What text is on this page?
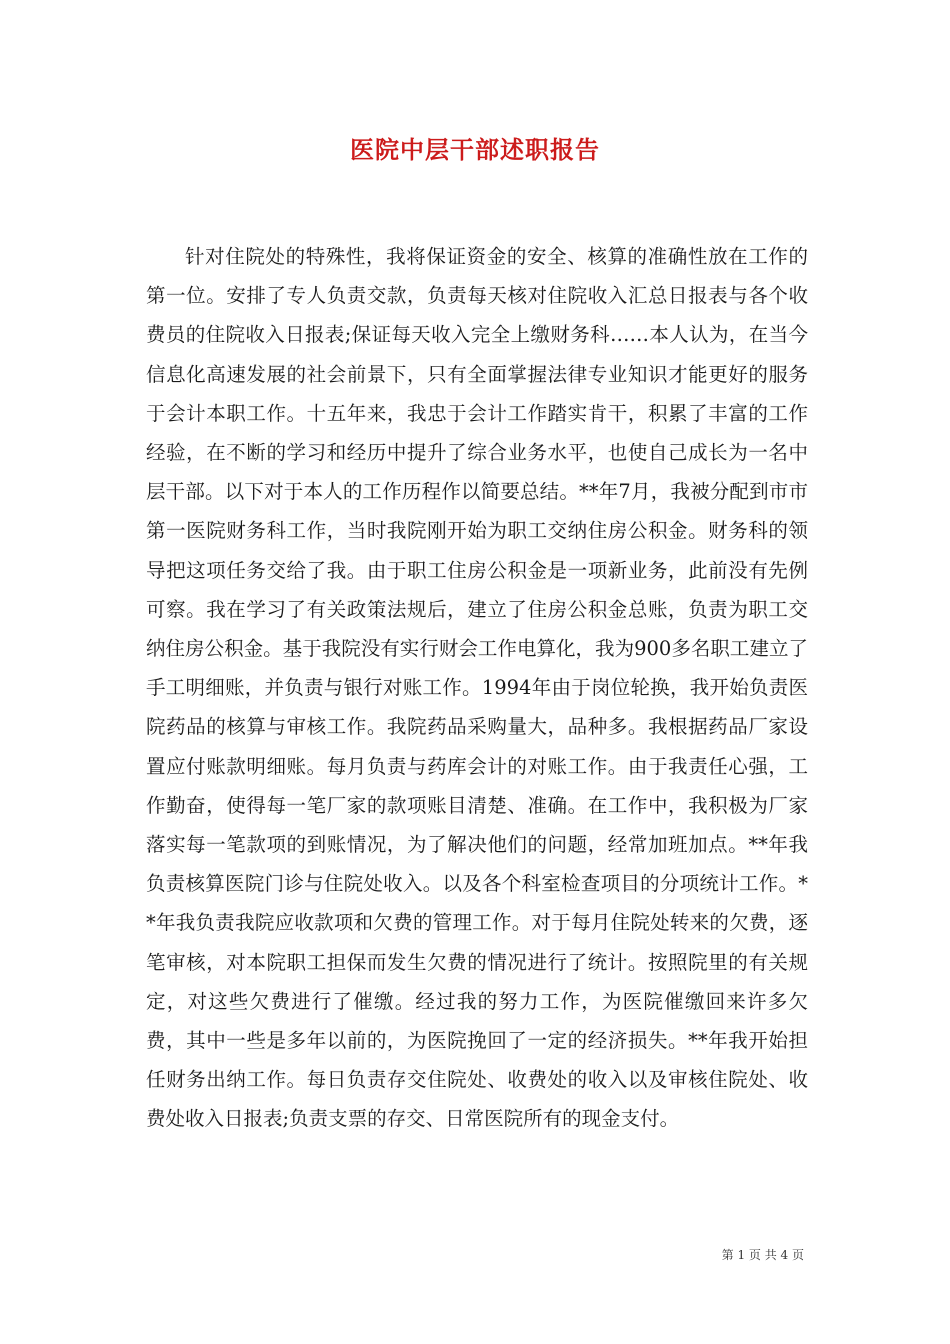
医院中层干部述职报告

针对住院处的特殊性，我将保证资金的安全、核算的准确性放在工作的第一位。安排了专人负责交款，负责每天核对住院收入汇总日报表与各个收费员的住院收入日报表;保证每天收入完全上缴财务科……本人认为，在当今信息化高速发展的社会前景下，只有全面掌握法律专业知识才能更好的服务于会计本职工作。十五年来，我忠于会计工作踏实肯干，积累了丰富的工作经验，在不断的学习和经历中提升了综合业务水平，也使自己成长为一名中层干部。以下对于本人的工作历程作以简要总结。**年7月，我被分配到市市第一医院财务科工作，当时我院刚开始为职工交纳住房公积金。财务科的领导把这项任务交给了我。由于职工住房公积金是一项新业务，此前没有先例可察。我在学习了有关政策法规后，建立了住房公积金总账，负责为职工交纳住房公积金。基于我院没有实行财会工作电算化，我为900多名职工建立了手工明细账，并负责与银行对账工作。1994年由于岗位轮换，我开始负责医院药品的核算与审核工作。我院药品采购量大，品种多。我根据药品厂家设置应付账款明细账。每月负责与药库会计的对账工作。由于我责任心强，工作勤奋，使得每一笔厂家的款项账目清楚、准确。在工作中，我积极为厂家落实每一笔款项的到账情况，为了解决他们的问题，经常加班加点。**年我负责核算医院门诊与住院处收入。以及各个科室检查项目的分项统计工作。**年我负责我院应收款项和欠费的管理工作。对于每月住院处转来的欠费，逐笔审核，对本院职工担保而发生欠费的情况进行了统计。按照院里的有关规定，对这些欠费进行了催缴。经过我的努力工作，为医院催缴回来许多欠费，其中一些是多年以前的，为医院挽回了一定的经济损失。**年我开始担任财务出纳工作。每日负责存交住院处、收费处的收入以及审核住院处、收费处收入日报表;负责支票的存交、日常医院所有的现金支付。

第 1 页 共 4 页
